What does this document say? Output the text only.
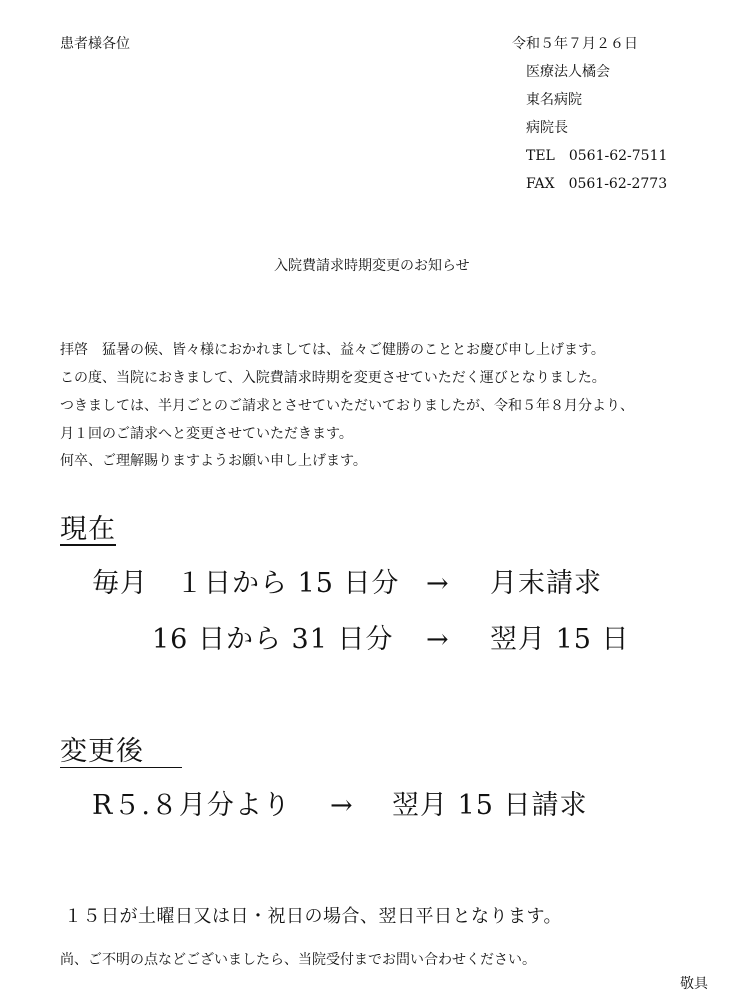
患者様各位	令和５年７月２６日
医療法人橘会
東名病院
病院長
TEL　0561-62-7511
FAX　0561-62-2773
入院費請求時期変更のお知らせ
拝啓　猛暑の候、皆々様におかれましては、益々ご健勝のこととお慶び申し上げます。
この度、当院におきまして、入院費請求時期を変更させていただく運びとなりました。
つきましては、半月ごとのご請求とさせていただいておりましたが、令和５年８月分より、
月１回のご請求へと変更させていただきます。
何卒、ご理解賜りますようお願い申し上げます。
現在
毎月　１日から 15 日分 → 月末請求
16 日から 31 日分 → 翌月 15 日
変更後
R５.８月分より → 翌月 15 日請求
１５日が土曜日又は日・祝日の場合、翌日平日となります。
尚、ご不明の点などございましたら、当院受付までお問い合わせください。
敬具
